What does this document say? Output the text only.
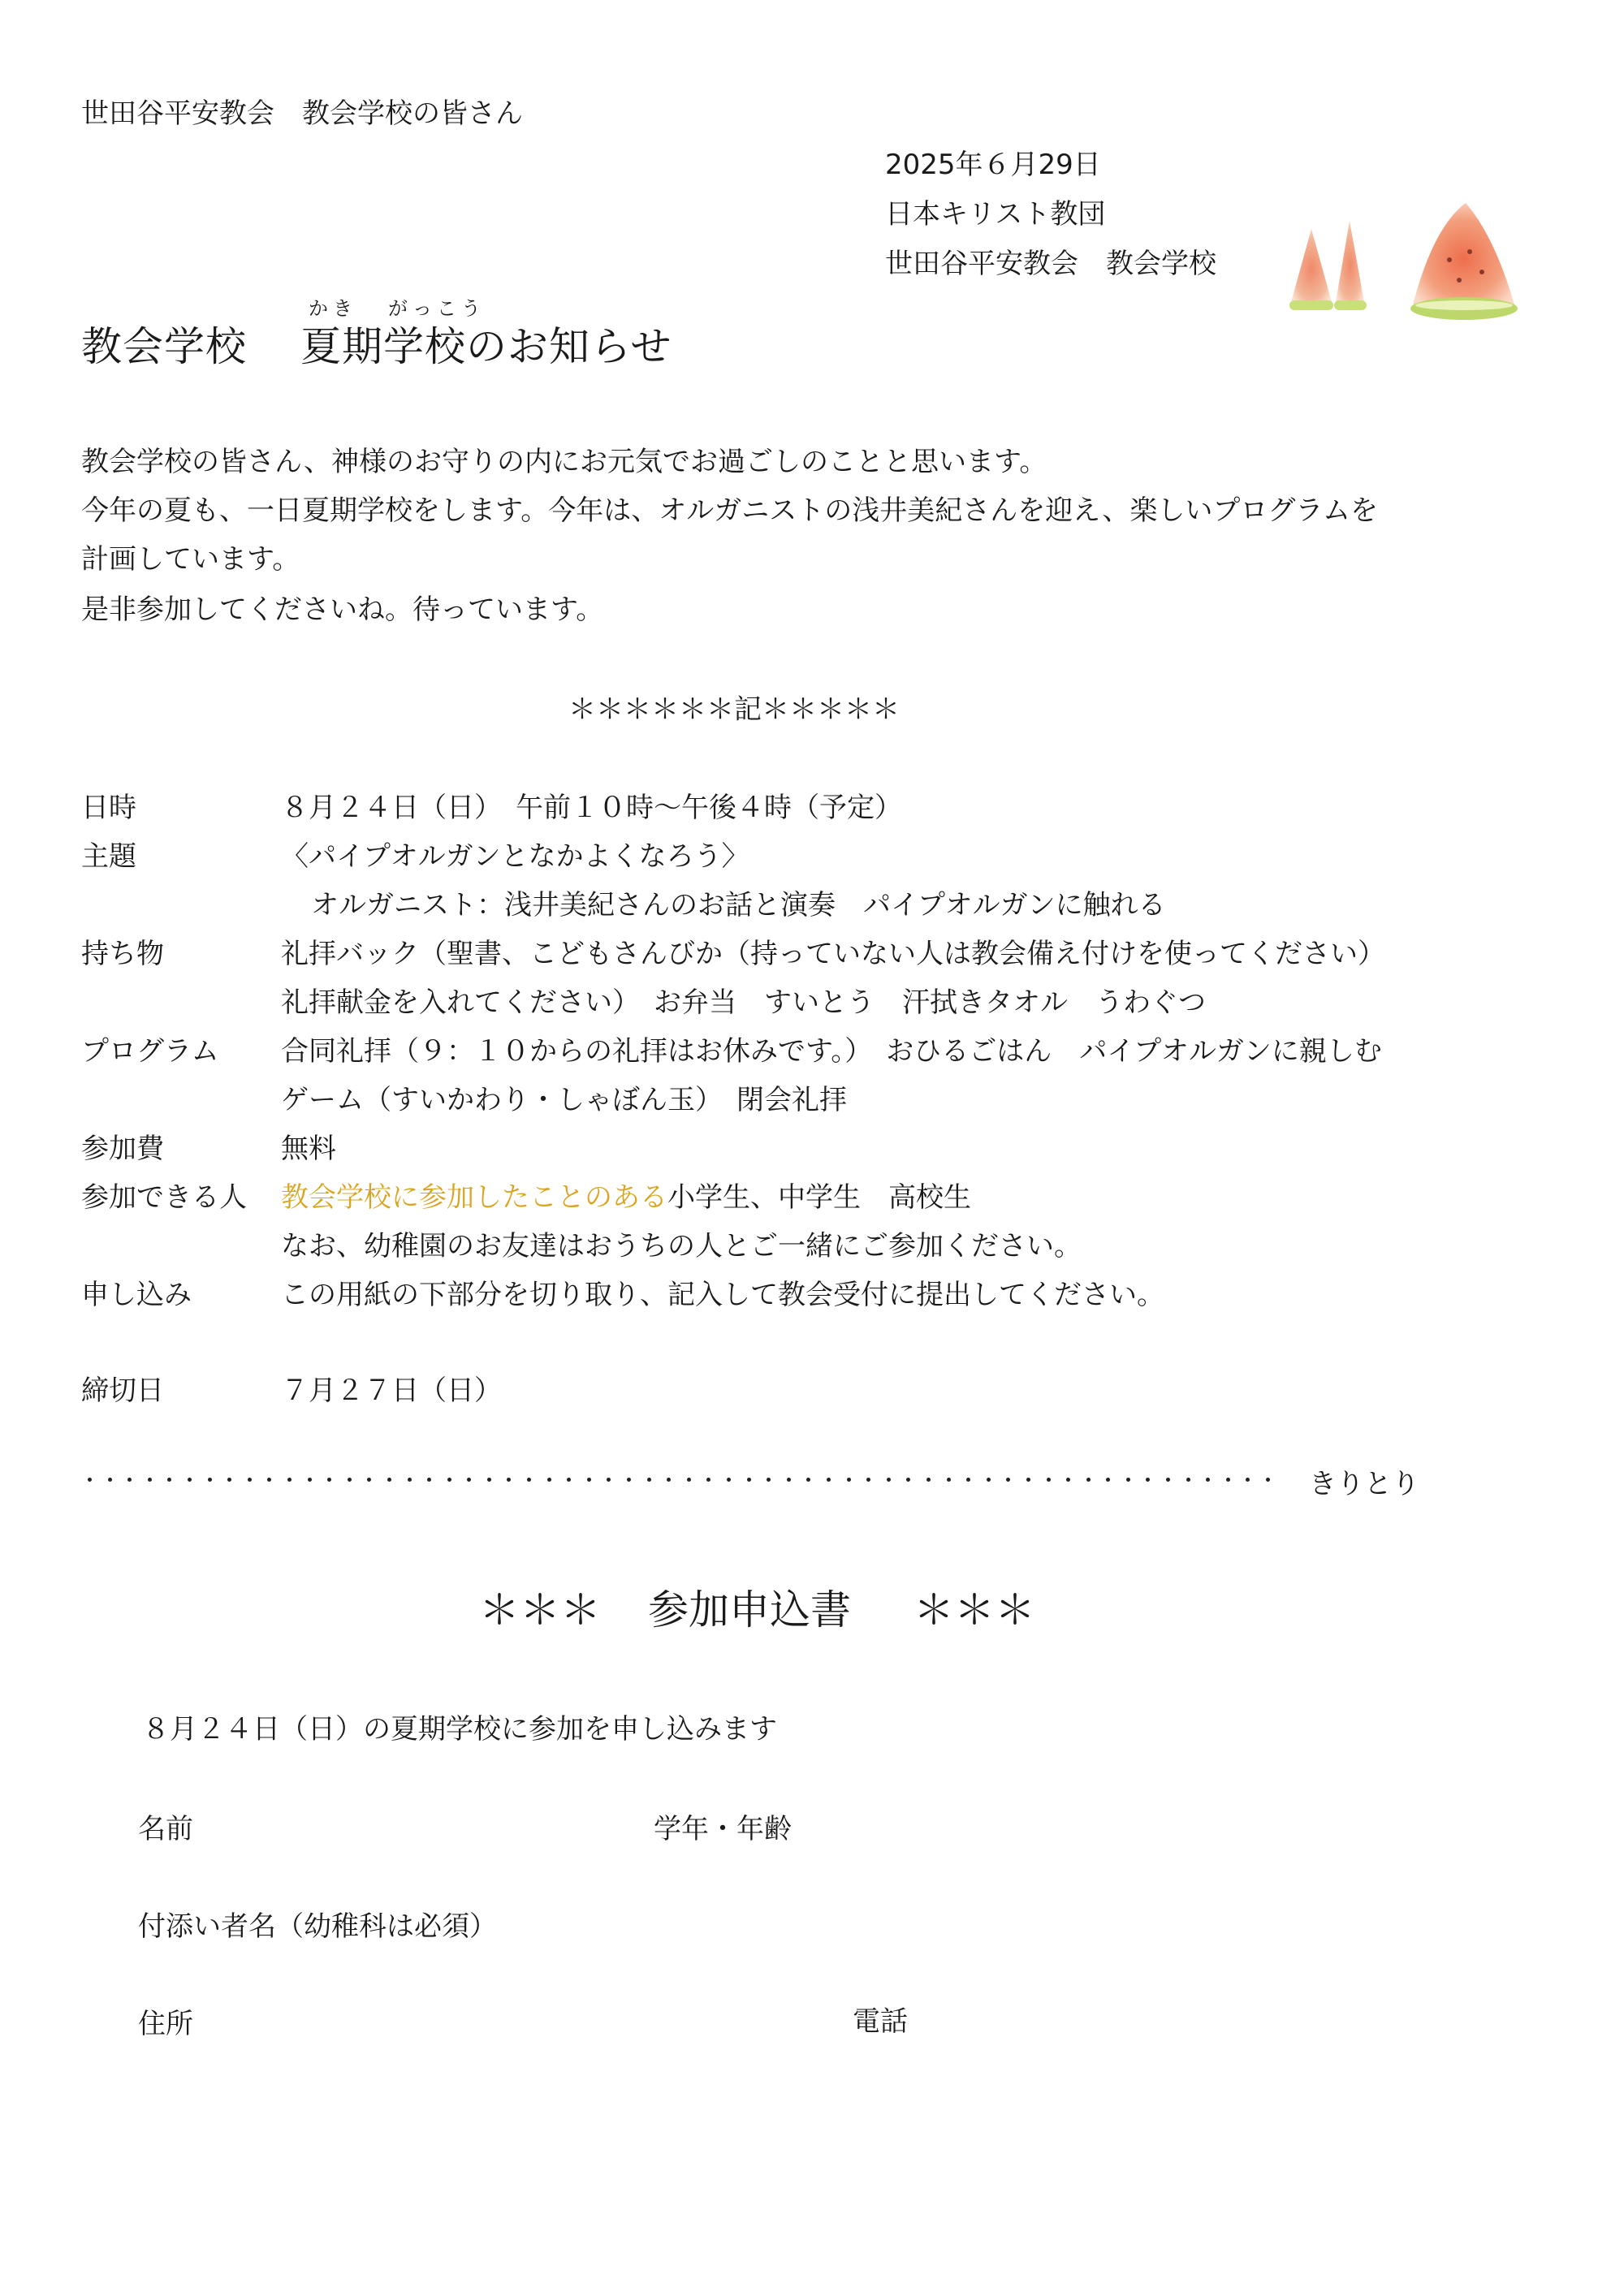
世田谷平安教会　教会学校の皆さん
2025年６月29日
日本キリスト教団
世田谷平安教会　教会学校
かき がっこう
教会学校 夏期学校のお知らせ
教会学校の皆さん、神様のお守りの内にお元気でお過ごしのことと思います。
今年の夏も、一日夏期学校をします。今年は、オルガニストの浅井美紀さんを迎え、楽しいプログラムを
計画しています。
是非参加してくださいね。待っています。
＊＊＊＊＊＊記＊＊＊＊＊
日時	８月２４日（日）　午前１０時～午後４時（予定）
主題	〈パイプオルガンとなかよくなろう〉
オルガニスト：浅井美紀さんのお話と演奏　パイプオルガンに触れる
持ち物	礼拝バック（聖書、こどもさんびか（持っていない人は教会備え付けを使ってください）
礼拝献金を入れてください）　お弁当　すいとう　汗拭きタオル　うわぐつ
プログラム 合同礼拝（９：１０からの礼拝はお休みです。）　おひるごはん　パイプオルガンに親しむ
ゲーム（すいかわり・しゃぼん玉）　閉会礼拝
参加費	無料
参加できる人 教会学校に参加したことのある小学生、中学生　高校生
なお、幼稚園のお友達はおうちの人とご一緒にご参加ください。
申し込み	この用紙の下部分を切り取り、記入して教会受付に提出してください。
締切日	７月２７日（日）
きりとり
＊＊＊ 参加申込書 ＊＊＊
８月２４日（日）の夏期学校に参加を申し込みます
名前	学年・年齢
付添い者名（幼稚科は必須）
住所	電話
